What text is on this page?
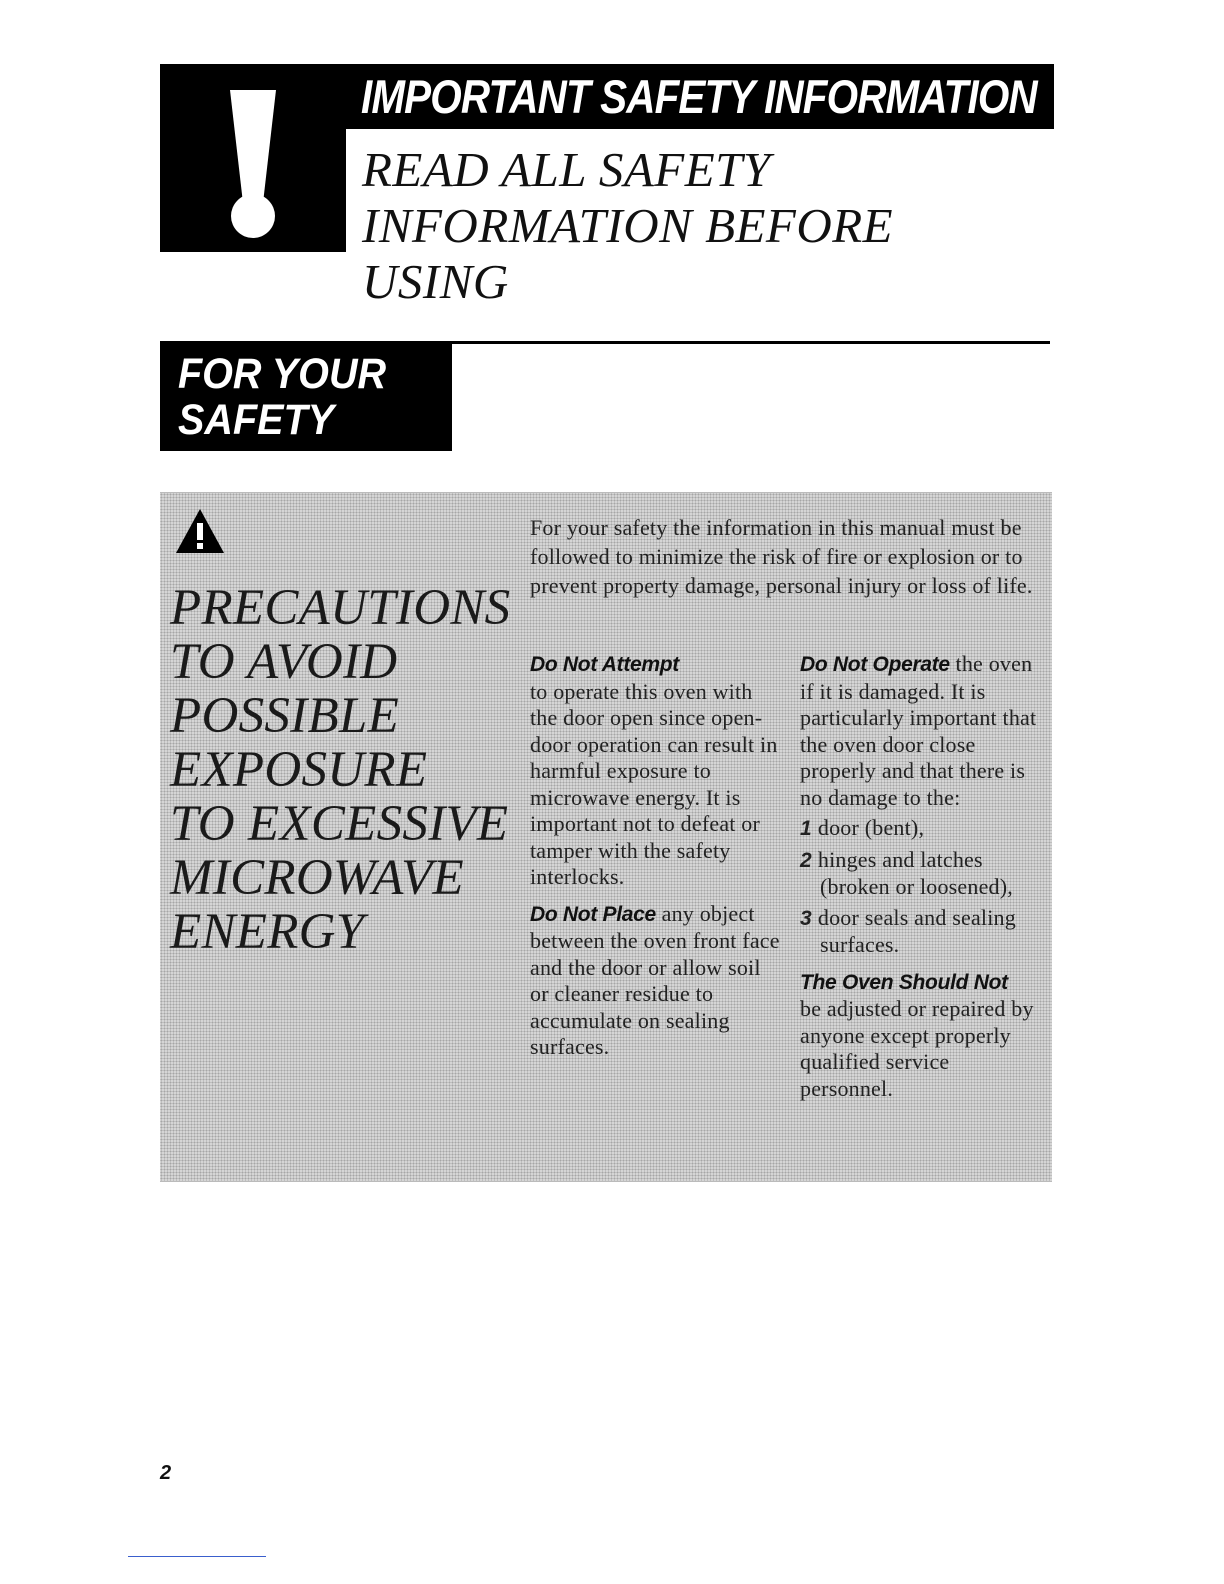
IMPORTANT SAFETY INFORMATION
READ ALL SAFETY
INFORMATION BEFORE USING
FOR YOUR
SAFETY
PRECAUTIONS
TO AVOID
POSSIBLE
EXPOSURE
TO EXCESSIVE
MICROWAVE
ENERGY

For your safety the information in this manual must be followed to minimize the risk of fire or explosion or to prevent property damage, personal injury or loss of life.

Do Not Attempt
to operate this oven with the door open since open-door operation can result in harmful exposure to microwave energy. It is important not to defeat or tamper with the safety interlocks.

Do Not Place any object between the oven front face and the door or allow soil or cleaner residue to accumulate on sealing surfaces.

Do Not Operate the oven if it is damaged. It is particularly important that the oven door close properly and that there is no damage to the:

1 door (bent),
2 hinges and latches
(broken or loosened),
3 door seals and sealing
surfaces.

The Oven Should Not
be adjusted or repaired by anyone except properly qualified service personnel.

2
